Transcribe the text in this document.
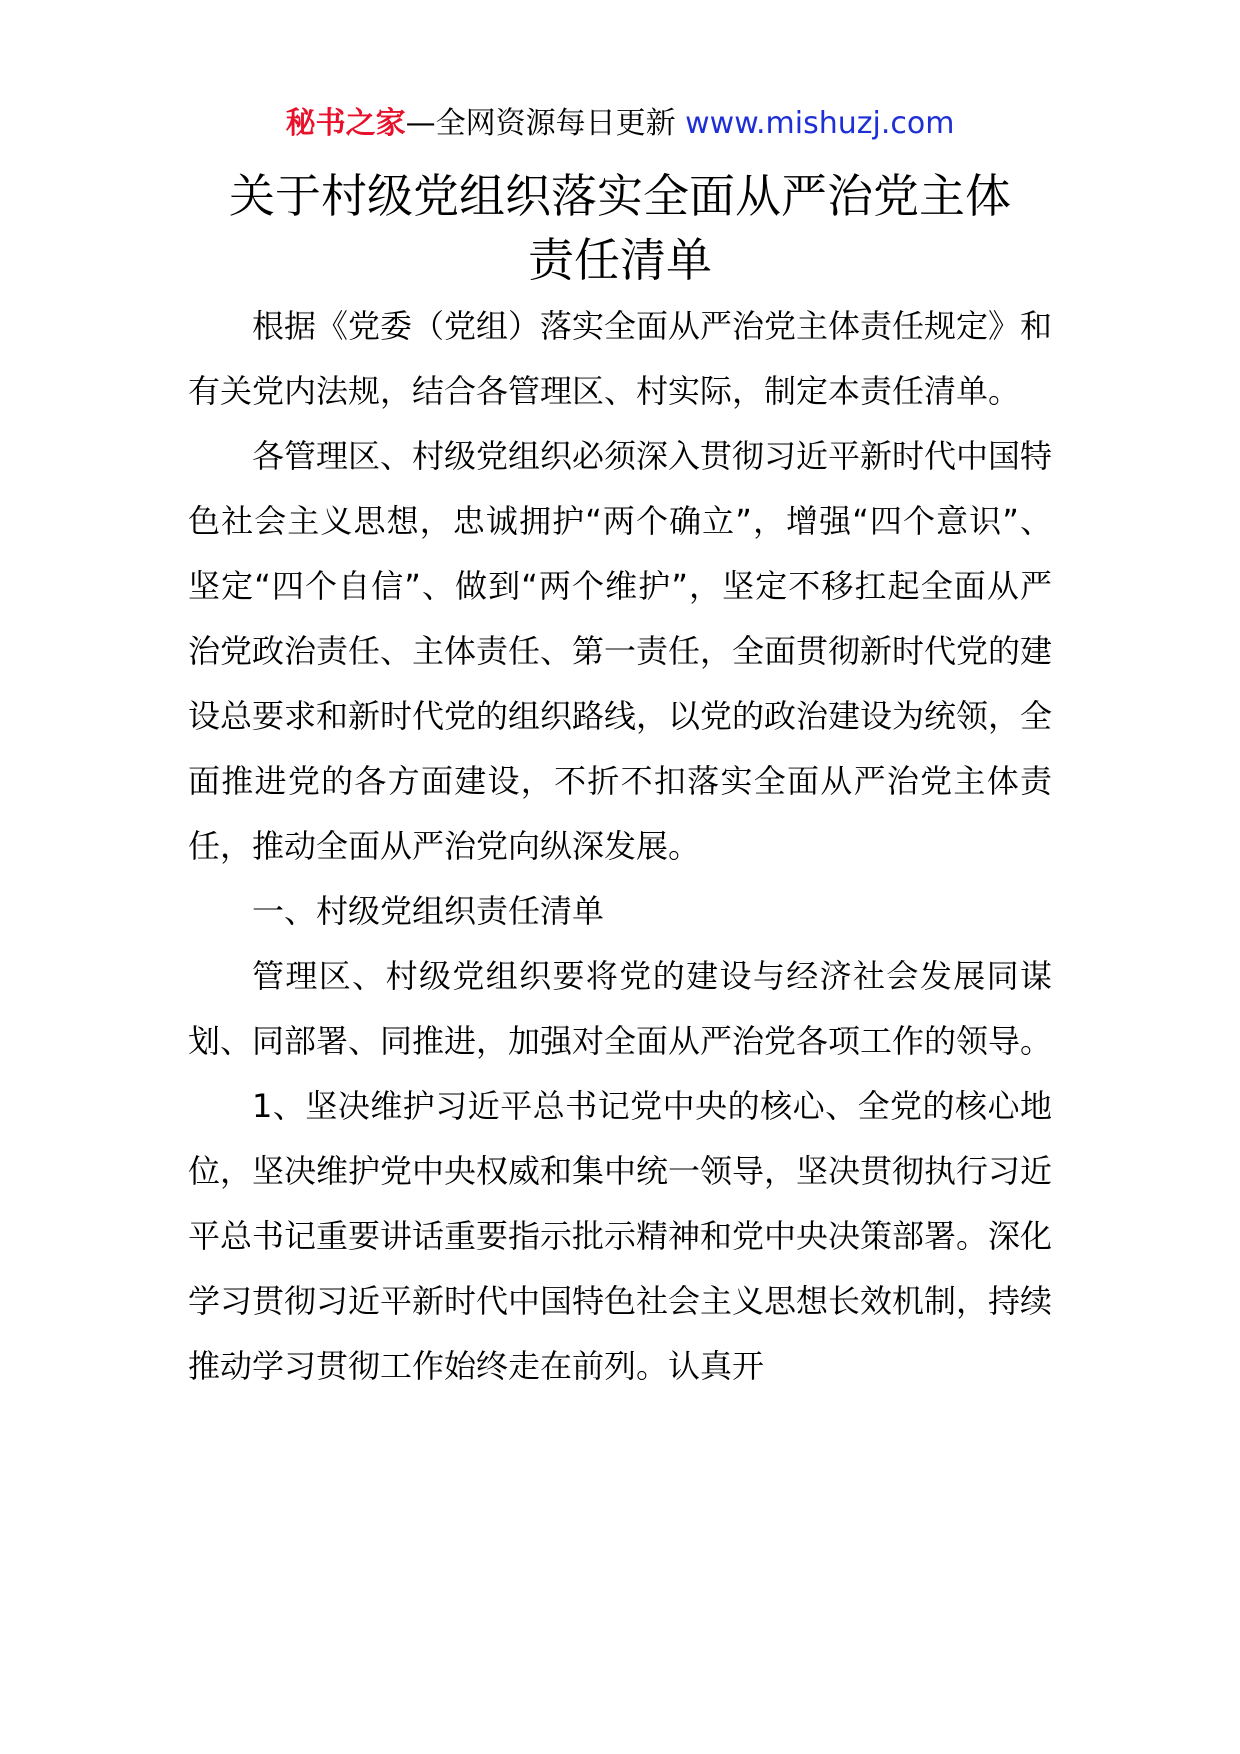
秘书之家—全网资源每日更新 www.mishuzj.com
关于村级党组织落实全面从严治党主体
责任清单

根据《党委（党组）落实全面从严治党主体责任规定》和有关党内法规，结合各管理区、村实际，制定本责任清单。

各管理区、村级党组织必须深入贯彻习近平新时代中国特色社会主义思想，忠诚拥护“两个确立”，增强“四个意识”、坚定“四个自信”、做到“两个维护”，坚定不移扛起全面从严治党政治责任、主体责任、第一责任，全面贯彻新时代党的建设总要求和新时代党的组织路线，以党的政治建设为统领，全面推进党的各方面建设，不折不扣落实全面从严治党主体责任，推动全面从严治党向纵深发展。

一、村级党组织责任清单

管理区、村级党组织要将党的建设与经济社会发展同谋划、同部署、同推进，加强对全面从严治党各项工作的领导。

1、坚决维护习近平总书记党中央的核心、全党的核心地位，坚决维护党中央权威和集中统一领导，坚决贯彻执行习近平总书记重要讲话重要指示批示精神和党中央决策部署。深化学习贯彻习近平新时代中国特色社会主义思想长效机制，持续推动学习贯彻工作始终走在前列。认真开
